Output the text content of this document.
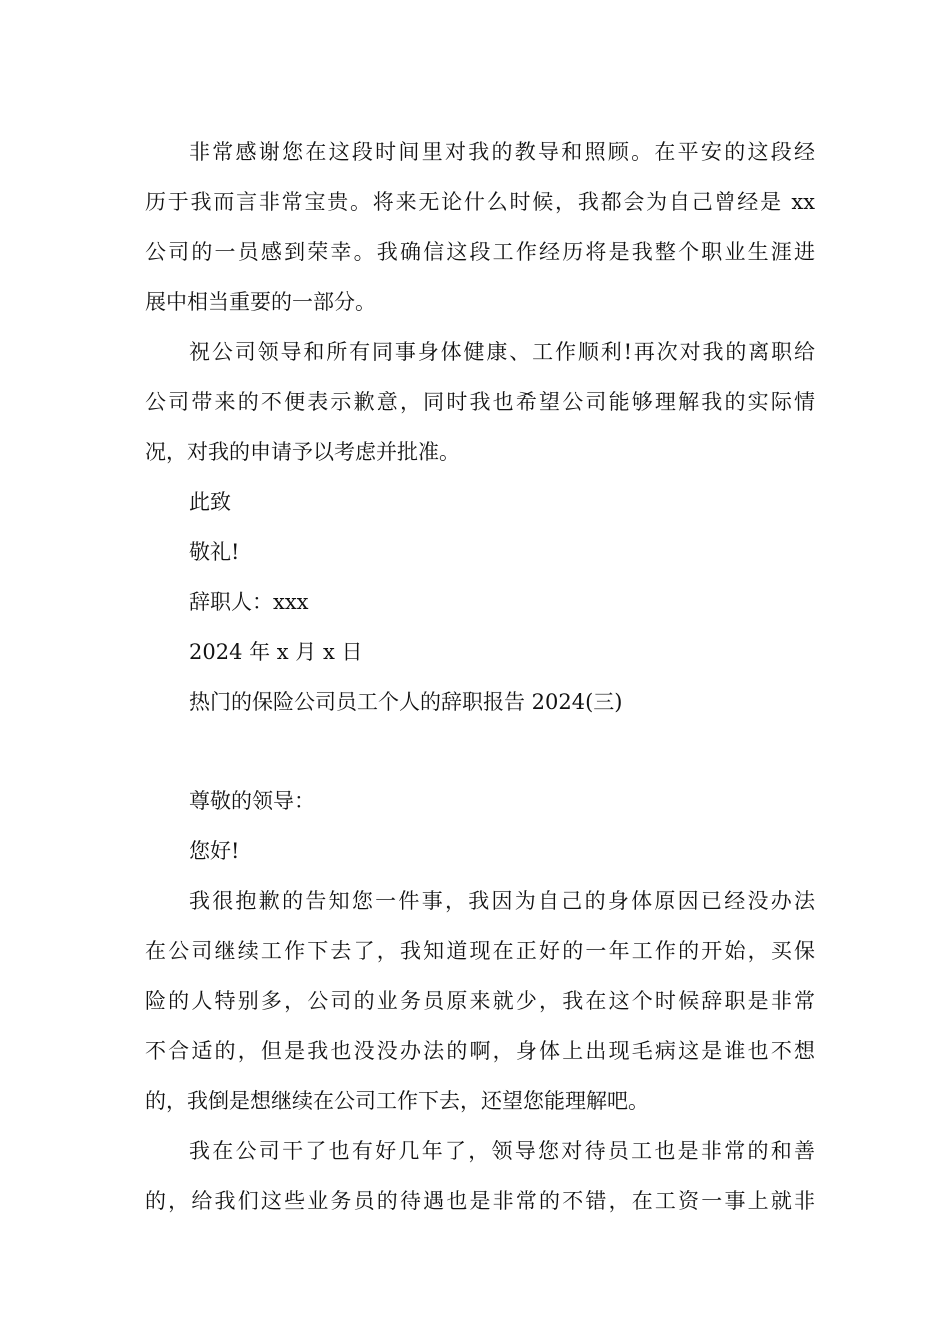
非常感谢您在这段时间里对我的教导和照顾。在平安的这段经
历于我而言非常宝贵。将来无论什么时候，我都会为自己曾经是 xx
公司的一员感到荣幸。我确信这段工作经历将是我整个职业生涯进
展中相当重要的一部分。
祝公司领导和所有同事身体健康、工作顺利!再次对我的离职给
公司带来的不便表示歉意，同时我也希望公司能够理解我的实际情
况，对我的申请予以考虑并批准。
此致
敬礼!
辞职人：xxx
2024 年 x 月 x 日
热门的保险公司员工个人的辞职报告 2024(三)
尊敬的领导：
您好!
我很抱歉的告知您一件事，我因为自己的身体原因已经没办法
在公司继续工作下去了，我知道现在正好的一年工作的开始，买保
险的人特别多，公司的业务员原来就少，我在这个时候辞职是非常
不合适的，但是我也没没办法的啊，身体上出现毛病这是谁也不想
的，我倒是想继续在公司工作下去，还望您能理解吧。
我在公司干了也有好几年了，领导您对待员工也是非常的和善
的，给我们这些业务员的待遇也是非常的不错，在工资一事上就非
